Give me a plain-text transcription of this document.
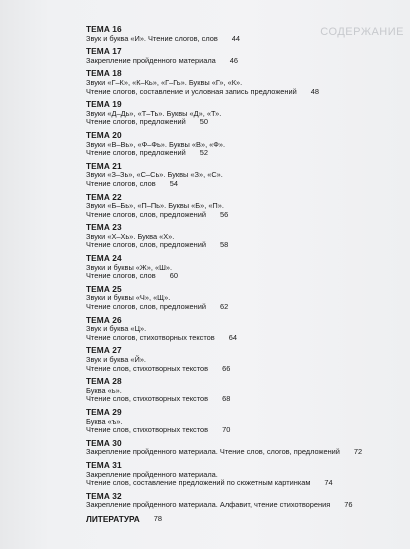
СОДЕРЖАНИЕ
ТЕМА 16
Звук и буква «И». Чтение слогов, слов 44
ТЕМА 17
Закрепление пройденного материала 46
ТЕМА 18
Звуки «Г–К», «К–Кь», «Г–Гь». Буквы «Г», «К».
Чтение слогов, составление и условная запись предложений 48
ТЕМА 19
Звуки «Д–Дь», «Т–Ть». Буквы «Д», «Т».
Чтение слогов, предложений 50
ТЕМА 20
Звуки «В–Вь», «Ф–Фь». Буквы «В», «Ф».
Чтение слогов, предложений 52
ТЕМА 21
Звуки «З–Зь», «С–Сь». Буквы «З», «С».
Чтение слогов, слов 54
ТЕМА 22
Звуки «Б–Бь», «П–Пь». Буквы «Б», «П».
Чтение слогов, слов, предложений 56
ТЕМА 23
Звуки «Х–Хь». Буква «Х».
Чтение слогов, слов, предложений 58
ТЕМА 24
Звуки и буквы «Ж», «Ш».
Чтение слогов, слов 60
ТЕМА 25
Звуки и буквы «Ч», «Щ».
Чтение слогов, слов, предложений 62
ТЕМА 26
Звук и буква «Ц».
Чтение слогов, стихотворных текстов 64
ТЕМА 27
Звук и буква «Й».
Чтение слов, стихотворных текстов 66
ТЕМА 28
Буква «ь».
Чтение слов, стихотворных текстов 68
ТЕМА 29
Буква «ъ».
Чтение слов, стихотворных текстов 70
ТЕМА 30
Закрепление пройденного материала. Чтение слов, слогов, предложений 72
ТЕМА 31
Закрепление пройденного материала.
Чтение слов, составление предложений по сюжетным картинкам 74
ТЕМА 32
Закрепление пройденного материала. Алфавит, чтение стихотворения 76
ЛИТЕРАТУРА 78
